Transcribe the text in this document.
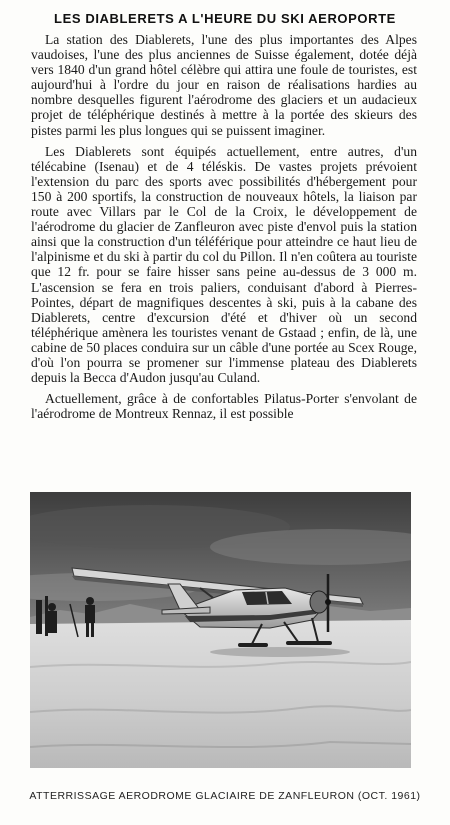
LES DIABLERETS A L'HEURE DU SKI AEROPORTE

La station des Diablerets, l'une des plus importantes des Alpes vaudoises, l'une des plus anciennes de Suisse également, dotée déjà vers 1840 d'un grand hôtel célèbre qui attira une foule de touristes, est aujourd'hui à l'ordre du jour en raison de réalisations hardies au nombre desquelles figurent l'aérodrome des glaciers et un audacieux projet de téléphérique destinés à mettre à la portée des skieurs des pistes parmi les plus longues qui se puissent imaginer.

Les Diablerets sont équipés actuellement, entre autres, d'un télécabine (Isenau) et de 4 téléskis. De vastes projets prévoient l'extension du parc des sports avec possibilités d'hébergement pour 150 à 200 sportifs, la construction de nouveaux hôtels, la liaison par route avec Villars par le Col de la Croix, le développement de l'aérodrome du glacier de Zanfleuron avec piste d'envol puis la station ainsi que la construction d'un téléférique pour atteindre ce haut lieu de l'alpinisme et du ski à partir du col du Pillon. Il n'en coûtera au touriste que 12 fr. pour se faire hisser sans peine au-dessus de 3 000 m. L'ascension se fera en trois paliers, conduisant d'abord à Pierres-Pointes, départ de magnifiques descentes à ski, puis à la cabane des Diablerets, centre d'excursion d'été et d'hiver où un second téléphérique amènera les touristes venant de Gstaad ; enfin, de là, une cabine de 50 places conduira sur un câble d'une portée au Scex Rouge, d'où l'on pourra se promener sur l'immense plateau des Diablerets depuis la Becca d'Audon jusqu'au Culand.

Actuellement, grâce à de confortables Pilatus-Porter s'envolant de l'aérodrome de Montreux Rennaz, il est possible

ATTERRISSAGE AERODROME GLACIAIRE DE ZANFLEURON (OCT. 1961)
